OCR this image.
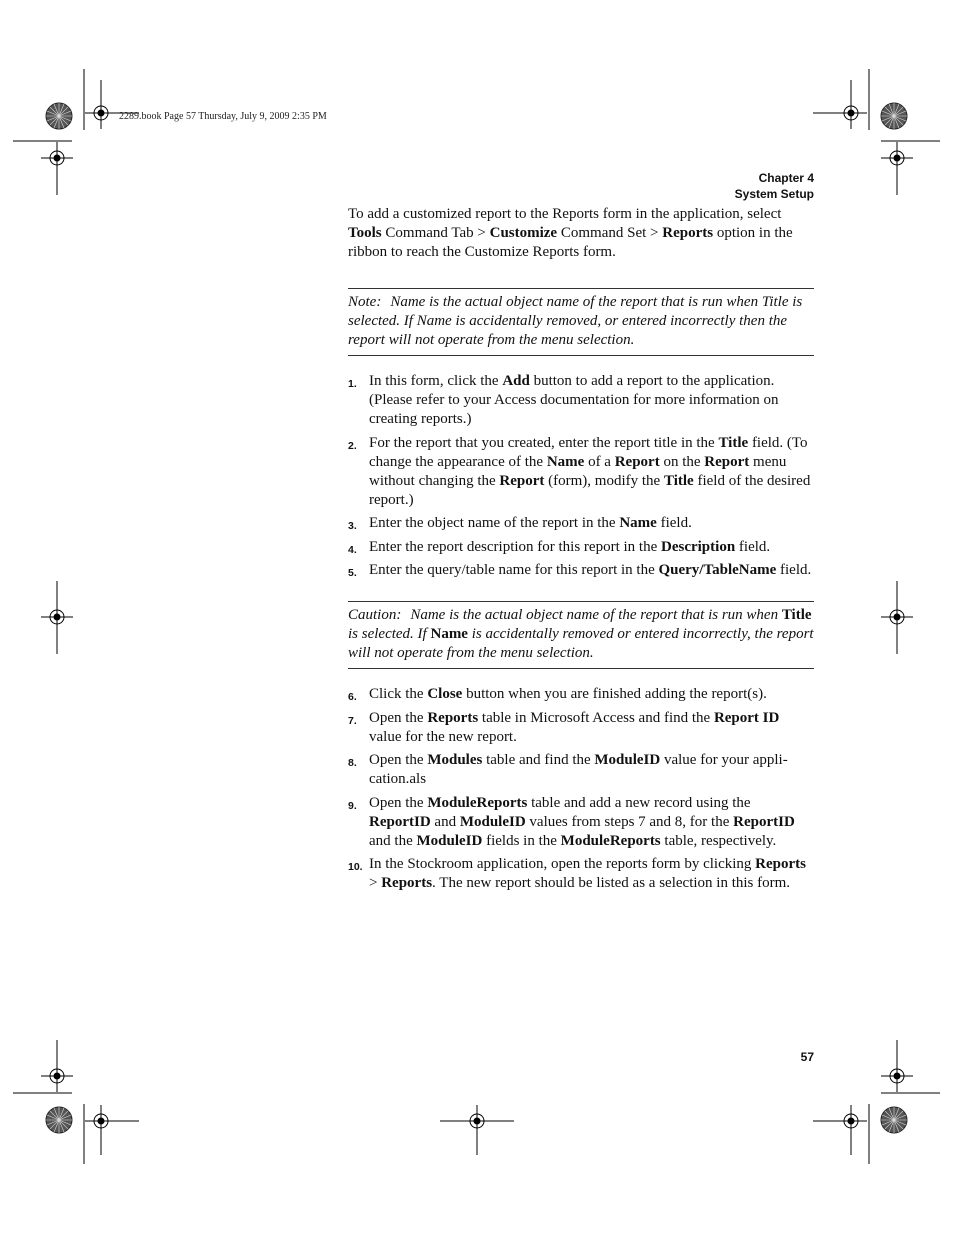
2289.book Page 57 Thursday, July 9, 2009 2:35 PM
Chapter 4
System Setup

To add a customized report to the Reports form in the application, select Tools Command Tab > Customize Command Set > Reports option in the ribbon to reach the Customize Reports form.

Note: Name is the actual object name of the report that is run when Title is selected. If Name is accidentally removed, or entered incorrectly then the report will not operate from the menu selection.
1. In this form, click the Add button to add a report to the application. (Please refer to your Access documentation for more information on creating reports.)
2. For the report that you created, enter the report title in the Title field. (To change the appearance of the Name of a Report on the Report menu without changing the Report (form), modify the Title field of the desired report.)
3. Enter the object name of the report in the Name field.
4. Enter the report description for this report in the Description field.
5. Enter the query/table name for this report in the Query/TableName field.
Caution: Name is the actual object name of the report that is run when Title is selected. If Name is accidentally removed or entered incorrectly, the report will not operate from the menu selection.
6. Click the Close button when you are finished adding the report(s).
7. Open the Reports table in Microsoft Access and find the Report ID value for the new report.
8. Open the Modules table and find the ModuleID value for your appli-cation.als
9. Open the ModuleReports table and add a new record using the ReportID and ModuleID values from steps 7 and 8, for the ReportID and the ModuleID fields in the ModuleReports table, respectively.
10. In the Stockroom application, open the reports form by clicking Reports > Reports. The new report should be listed as a selection in this form.
57
